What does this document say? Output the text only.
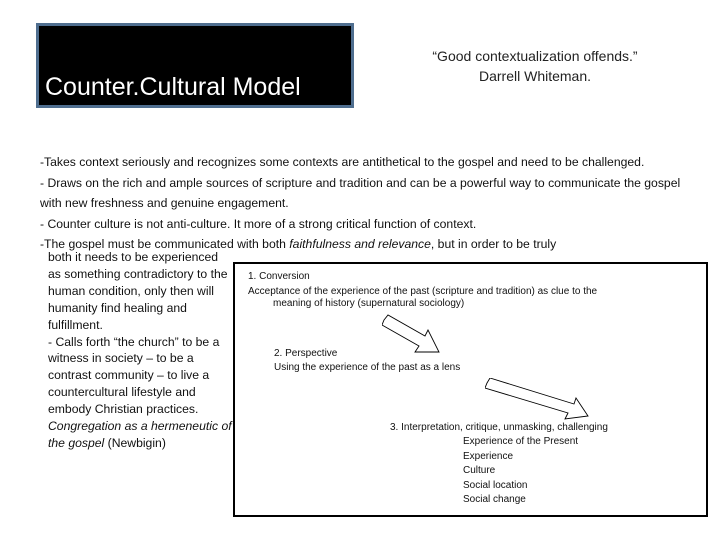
Counter.Cultural Model
“Good contextualization offends.”
Darrell Whiteman.

-Takes context seriously and recognizes some contexts are antithetical to the gospel and need to be challenged.

- Draws on the rich and ample sources of scripture and tradition and can be a powerful way to communicate the gospel with new freshness and genuine engagement.

- Counter culture is not anti-culture. It more of a strong critical function of context.

-The gospel must be communicated with both faithfulness and relevance, but in order to be truly

both it needs to be experienced as something contradictory to the human condition, only then will humanity find healing and fulfillment.

- Calls forth “the church” to be a witness in society – to be a contrast community – to live a countercultural lifestyle and embody Christian practices. Congregation as a hermeneutic of the gospel (Newbigin)

1. Conversion
Acceptance of the experience of the past (scripture and tradition) as clue to the
meaning of history (supernatural sociology)
2. Perspective
Using the experience of the past as a lens
3. Interpretation, critique, unmasking, challenging
Experience of the Present
Experience
Culture
Social location
Social change
